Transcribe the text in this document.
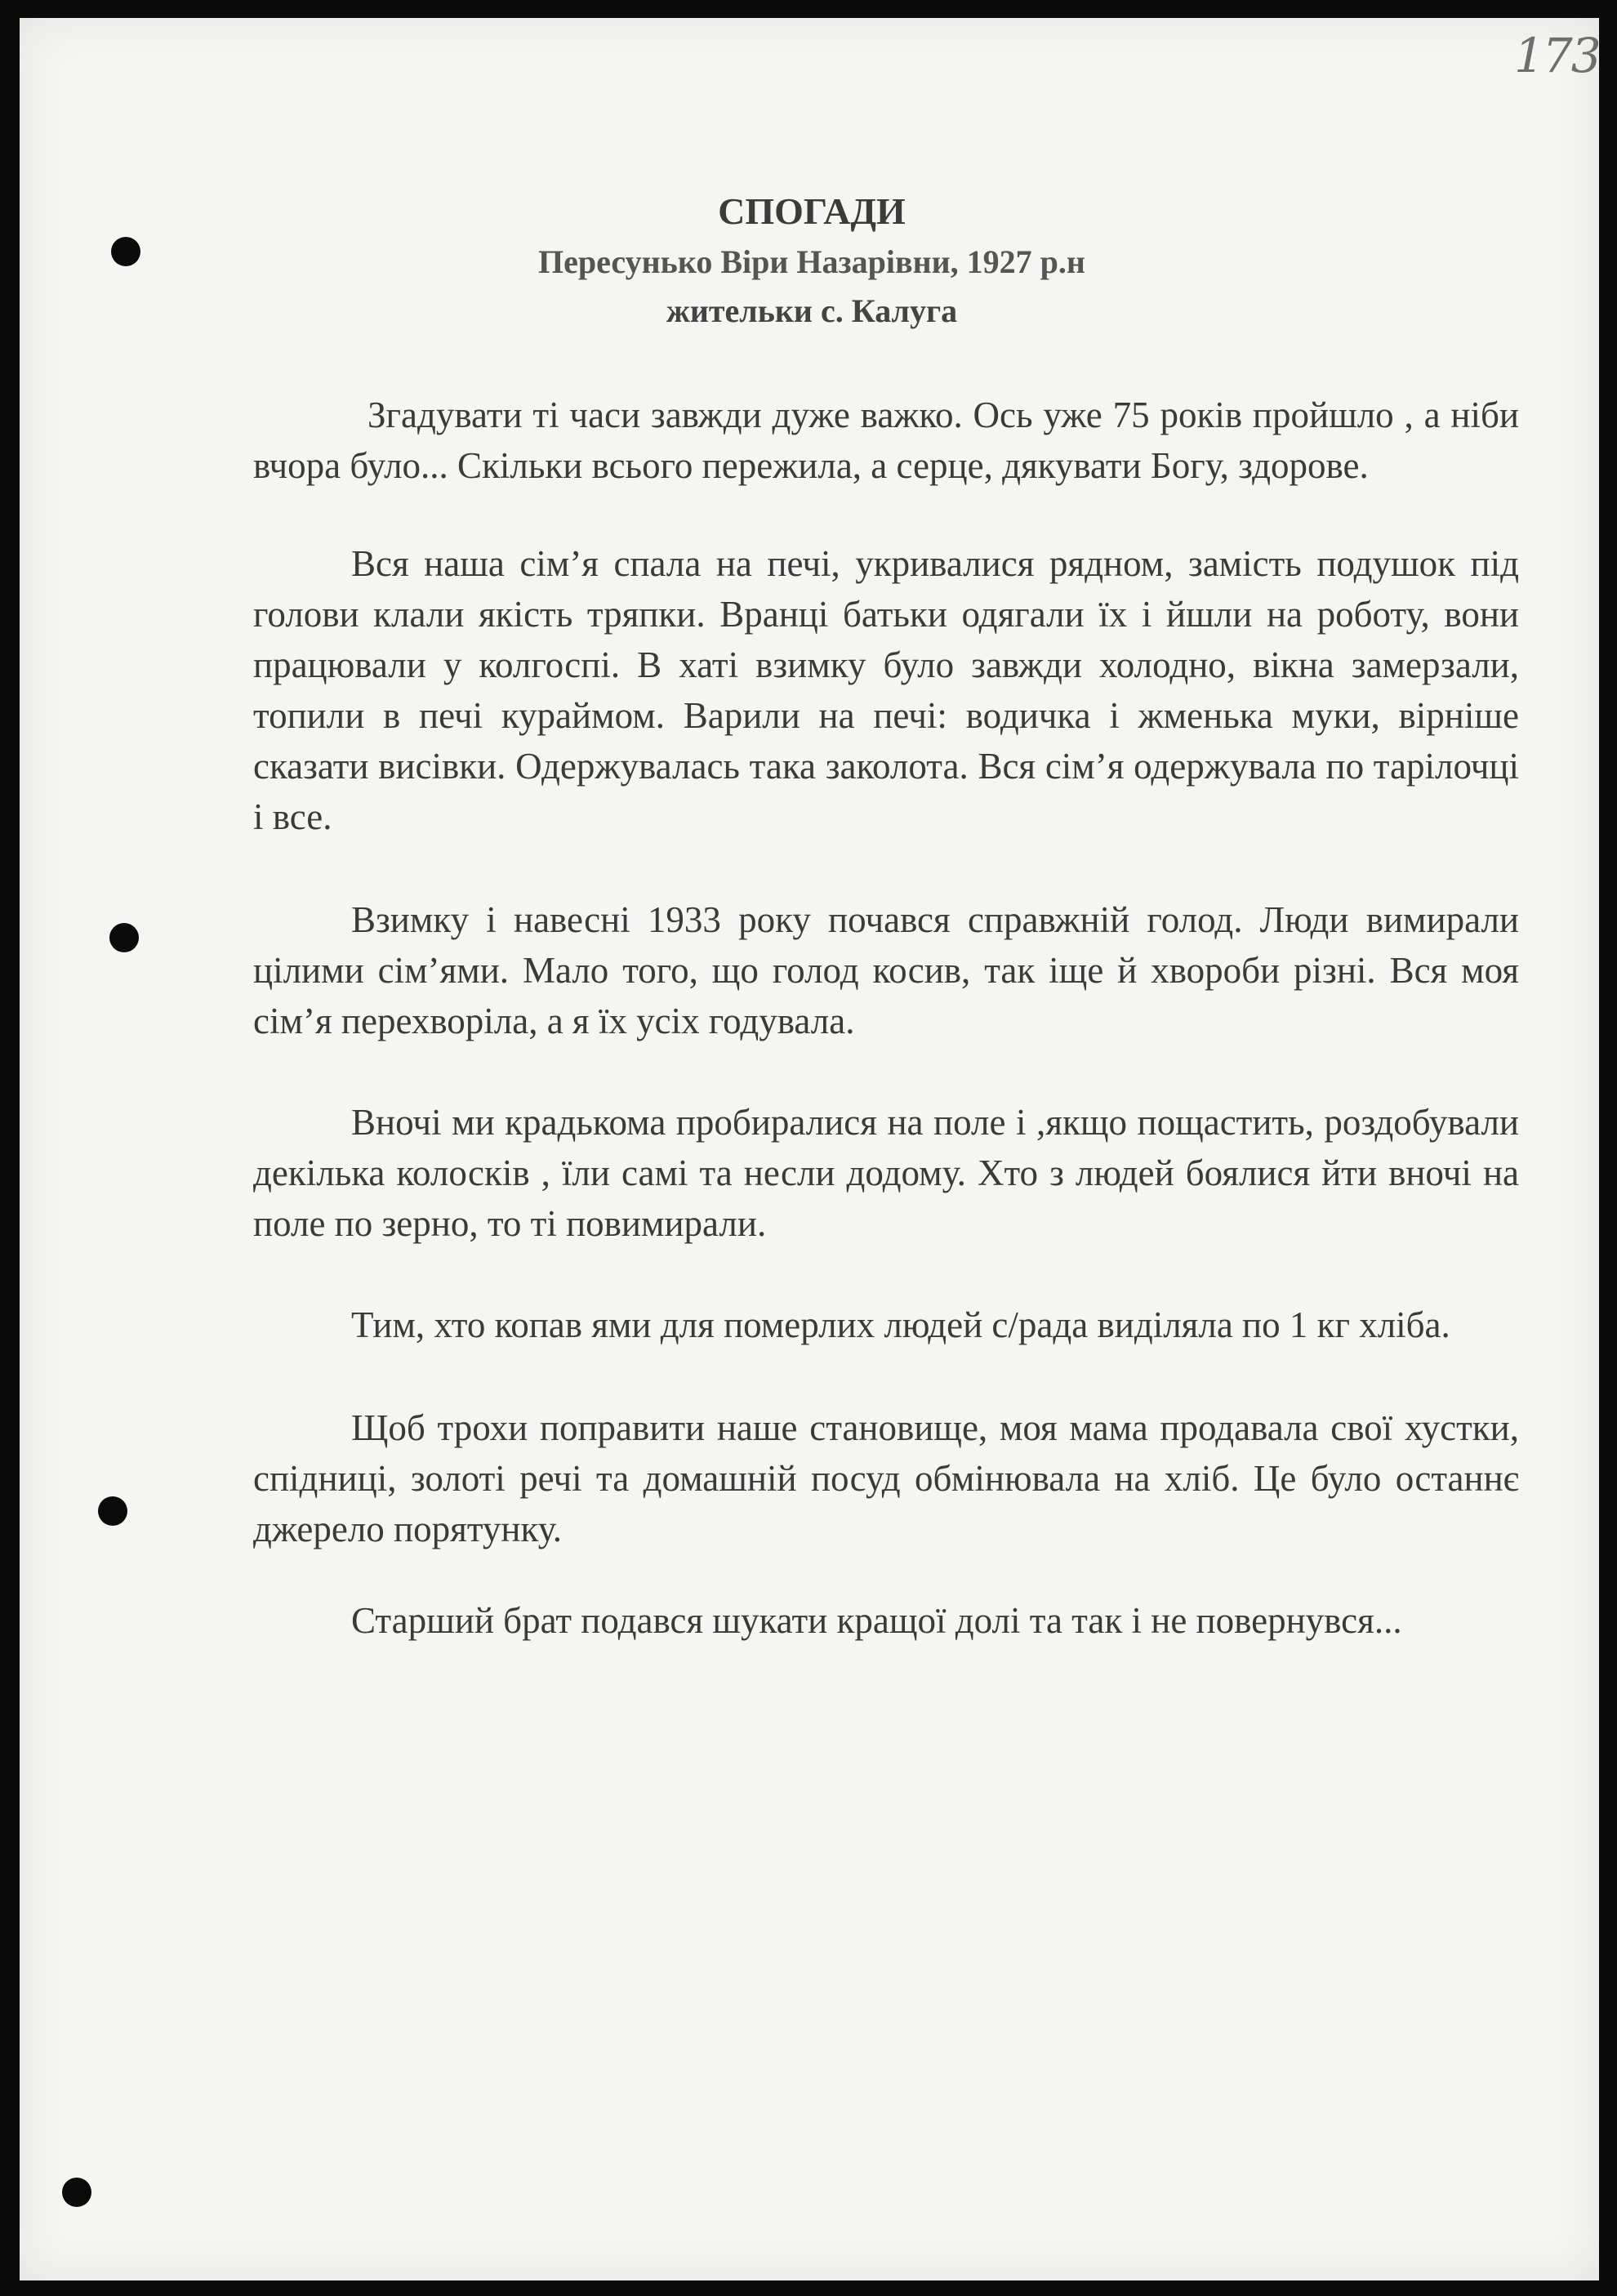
173
СПОГАДИ
Пересунько Віри Назарівни, 1927 р.н
жительки с. Калуга

Згадувати ті часи завжди дуже важко. Ось уже 75 років пройшло , а ніби вчора було... Скільки всього пережила, а серце, дякувати Богу, здорове.

Вся наша сім’я спала на печі, укривалися рядном, замість подушок під голови клали якість тряпки. Вранці батьки одягали їх і йшли на роботу, вони працювали у колгоспі. В хаті взимку було завжди холодно, вікна замерзали, топили в печі кураймом. Варили на печі: водичка і жменька муки, вірніше сказати висівки. Одержувалась така заколота. Вся сім’я одержувала по тарілочці і все.

Взимку і навесні 1933 року почався справжній голод. Люди вимирали цілими сім’ями. Мало того, що голод косив, так іще й хвороби різні. Вся моя сім’я перехворіла, а я їх усіх годувала.

Вночі ми крадькома пробиралися на поле і ,якщо пощастить, роздобували декілька колосків , їли самі та несли додому. Хто з людей боялися йти вночі на поле по зерно, то ті повимирали.

Тим, хто копав ями для померлих людей с/рада виділяла по 1 кг хліба.

Щоб трохи поправити наше становище, моя мама продавала свої хустки, спідниці, золоті речі та домашній посуд обмінювала на хліб. Це було останнє джерело порятунку.

Старший брат подався шукати кращої долі та так і не повернувся...
